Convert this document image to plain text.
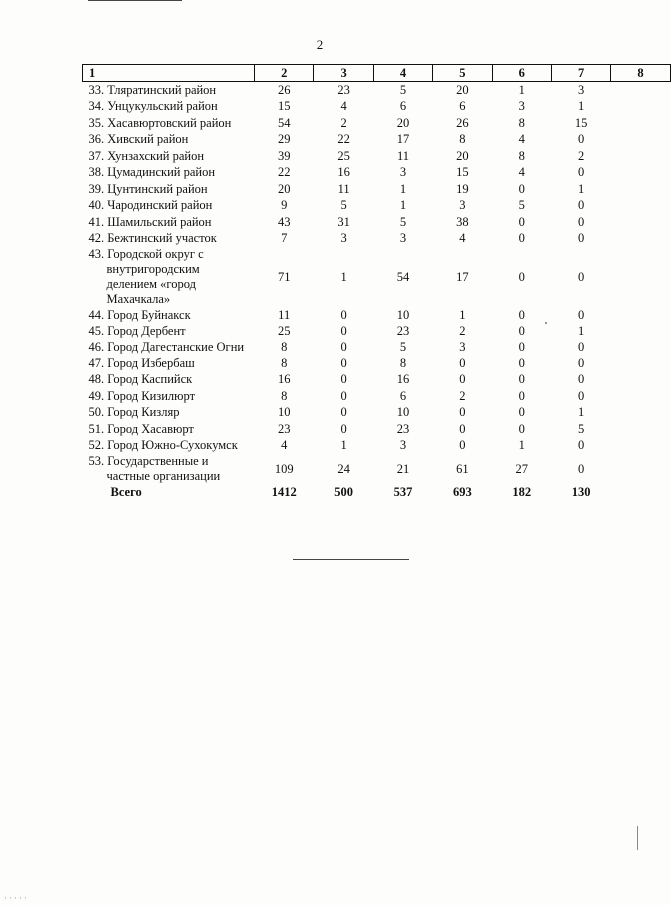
2
1	2	3	4	5	6	7	8

33. Тляратинский район	26	23	5	20	1	3	

34. Унцукульский район	15	4	6	6	3	1	

35. Хасавюртовский район	54	2	20	26	8	15	

36. Хивский район	29	22	17	8	4	0	

37. Хунзахский район	39	25	11	20	8	2	

38. Цумадинский район	22	16	3	15	4	0	

39. Цунтинский район	20	11	1	19	0	1	

40. Чародинский район	9	5	1	3	5	0	

41. Шамильский район	43	31	5	38	0	0	

42. Бежтинский участок	7	3	3	4	0	0	

43. Городской округ с внутригородским делением «город Махачкала»	71	1	54	17	0	0	

44. Город Буйнакск	11	0	10	1	0	0	

45. Город Дербент	25	0	23	2	0	1	

46. Город Дагестанские Огни	8	0	5	3	0	0	

47. Город Избербаш	8	0	8	0	0	0	

48. Город Каспийск	16	0	16	0	0	0	

49. Город Кизилюрт	8	0	6	2	0	0	

50. Город Кизляр	10	0	10	0	0	1	

51. Город Хасавюрт	23	0	23	0	0	5	

52. Город Южно-Сухокумск	4	1	3	0	1	0	

53. Государственные и частные организации	109	24	21	61	27	0	
Всего	1412	500	537	693	182	130	
·····
